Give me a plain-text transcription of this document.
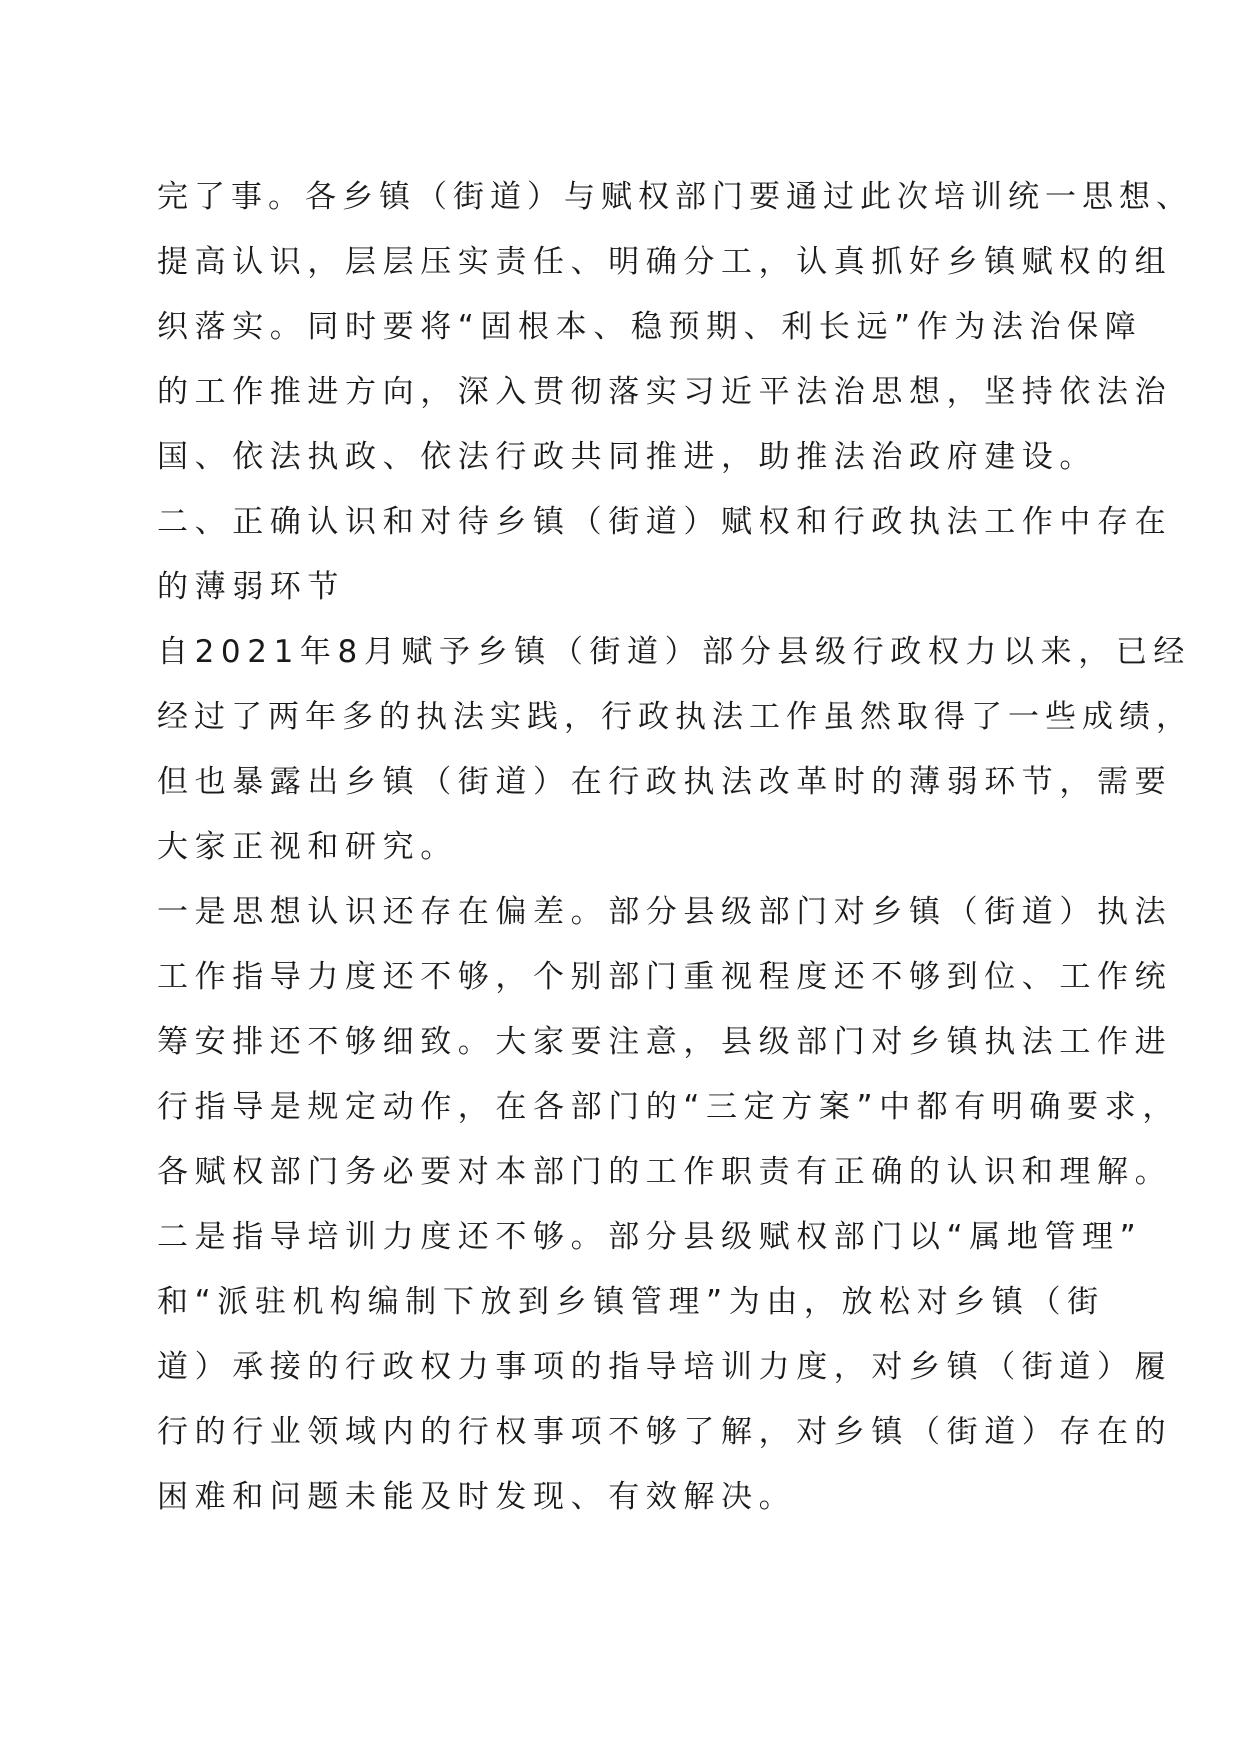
完了事。各乡镇（街道）与赋权部门要通过此次培训统一思想、
提高认识，层层压实责任、明确分工，认真抓好乡镇赋权的组
织落实。同时要将“固根本、稳预期、利长远”作为法治保障
的工作推进方向，深入贯彻落实习近平法治思想，坚持依法治
国、依法执政、依法行政共同推进，助推法治政府建设。
二、正确认识和对待乡镇（街道）赋权和行政执法工作中存在
的薄弱环节
自2021年8月赋予乡镇（街道）部分县级行政权力以来，已经
经过了两年多的执法实践，行政执法工作虽然取得了一些成绩，
但也暴露出乡镇（街道）在行政执法改革时的薄弱环节，需要
大家正视和研究。
一是思想认识还存在偏差。部分县级部门对乡镇（街道）执法
工作指导力度还不够，个别部门重视程度还不够到位、工作统
筹安排还不够细致。大家要注意，县级部门对乡镇执法工作进
行指导是规定动作，在各部门的“三定方案”中都有明确要求，
各赋权部门务必要对本部门的工作职责有正确的认识和理解。
二是指导培训力度还不够。部分县级赋权部门以“属地管理”
和“派驻机构编制下放到乡镇管理”为由，放松对乡镇（街
道）承接的行政权力事项的指导培训力度，对乡镇（街道）履
行的行业领域内的行权事项不够了解，对乡镇（街道）存在的
困难和问题未能及时发现、有效解决。
